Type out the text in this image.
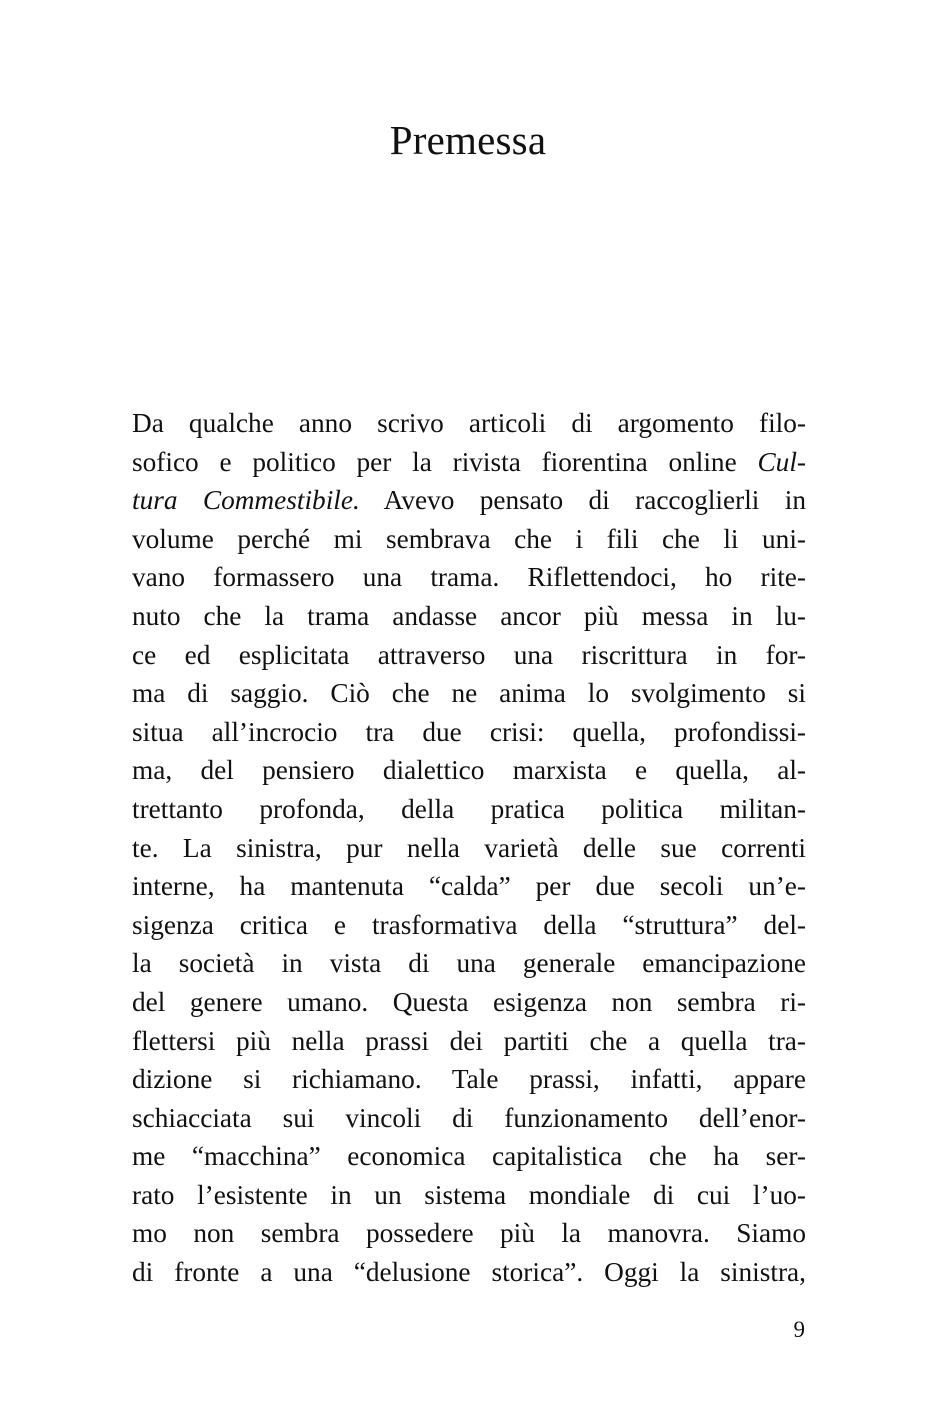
Premessa
Da qualche anno scrivo articoli di argomento filo-
sofico e politico per la rivista fiorentina online Cul-
tura Commestibile. Avevo pensato di raccoglierli in
volume perché mi sembrava che i fili che li uni-
vano formassero una trama. Riflettendoci, ho rite-
nuto che la trama andasse ancor più messa in lu-
ce ed esplicitata attraverso una riscrittura in for-
ma di saggio. Ciò che ne anima lo svolgimento si
situa all’incrocio tra due crisi: quella, profondissi-
ma, del pensiero dialettico marxista e quella, al-
trettanto profonda, della pratica politica militan-
te. La sinistra, pur nella varietà delle sue correnti
interne, ha mantenuta “calda” per due secoli un’e-
sigenza critica e trasformativa della “struttura” del-
la società in vista di una generale emancipazione
del genere umano. Questa esigenza non sembra ri-
flettersi più nella prassi dei partiti che a quella tra-
dizione si richiamano. Tale prassi, infatti, appare
schiacciata sui vincoli di funzionamento dell’enor-
me “macchina” economica capitalistica che ha ser-
rato l’esistente in un sistema mondiale di cui l’uo-
mo non sembra possedere più la manovra. Siamo
di fronte a una “delusione storica”. Oggi la sinistra,
9
